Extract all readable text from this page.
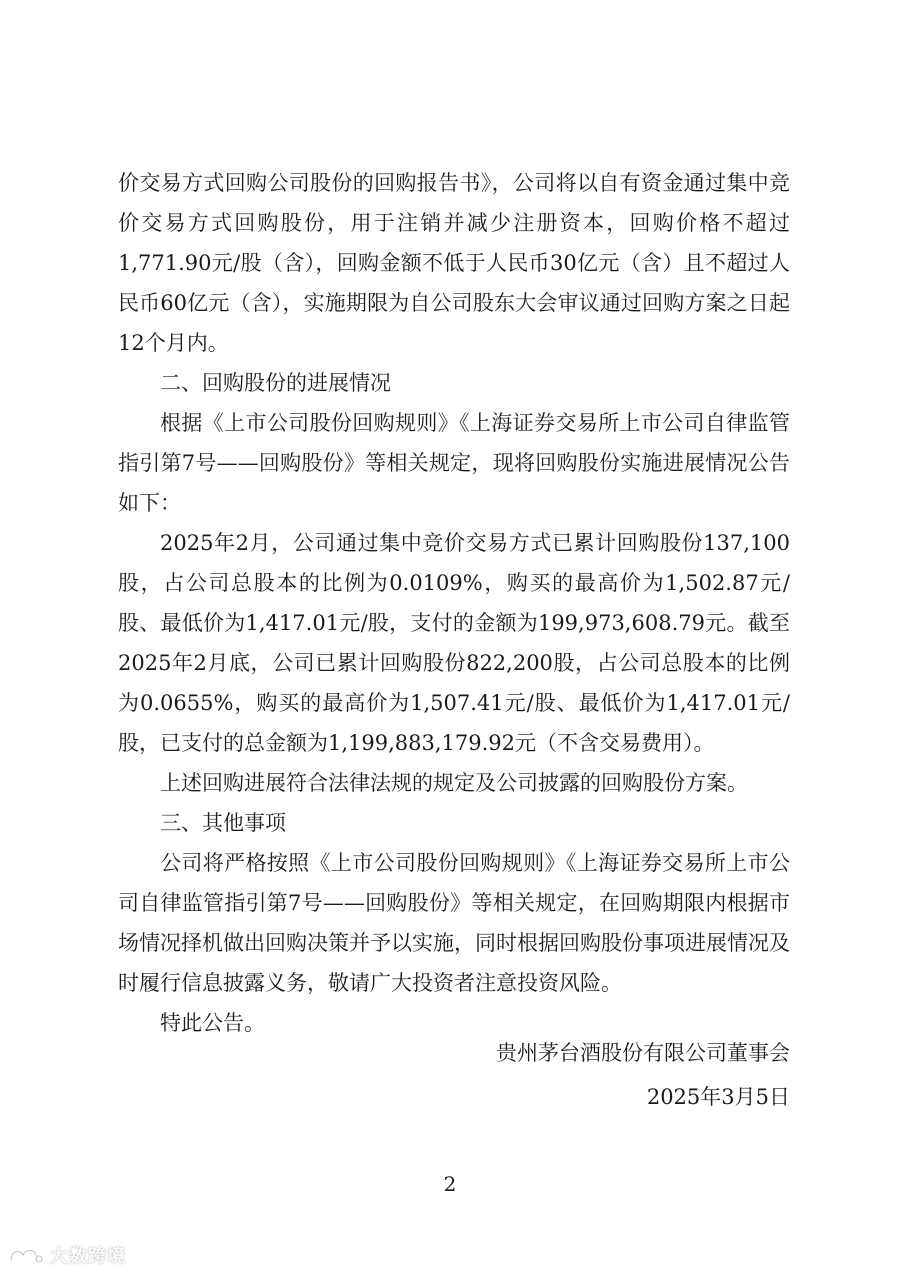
价交易方式回购公司股份的回购报告书》，公司将以自有资金通过集中竞价交易方式回购股份，用于注销并减少注册资本，回购价格不超过1,771.90元/股（含），回购金额不低于人民币30亿元（含）且不超过人民币60亿元（含），实施期限为自公司股东大会审议通过回购方案之日起12个月内。

二、回购股份的进展情况

根据《上市公司股份回购规则》《上海证券交易所上市公司自律监管指引第7号——回购股份》等相关规定，现将回购股份实施进展情况公告如下：

2025年2月，公司通过集中竞价交易方式已累计回购股份137,100股，占公司总股本的比例为0.0109%，购买的最高价为1,502.87元/股、最低价为1,417.01元/股，支付的金额为199,973,608.79元。截至2025年2月底，公司已累计回购股份822,200股，占公司总股本的比例为0.0655%，购买的最高价为1,507.41元/股、最低价为1,417.01元/股，已支付的总金额为1,199,883,179.92元（不含交易费用）。

上述回购进展符合法律法规的规定及公司披露的回购股份方案。

三、其他事项

公司将严格按照《上市公司股份回购规则》《上海证券交易所上市公司自律监管指引第7号——回购股份》等相关规定，在回购期限内根据市场情况择机做出回购决策并予以实施，同时根据回购股份事项进展情况及时履行信息披露义务，敬请广大投资者注意投资风险。

特此公告。

贵州茅台酒股份有限公司董事会
2025年3月5日
2
大数跨境
